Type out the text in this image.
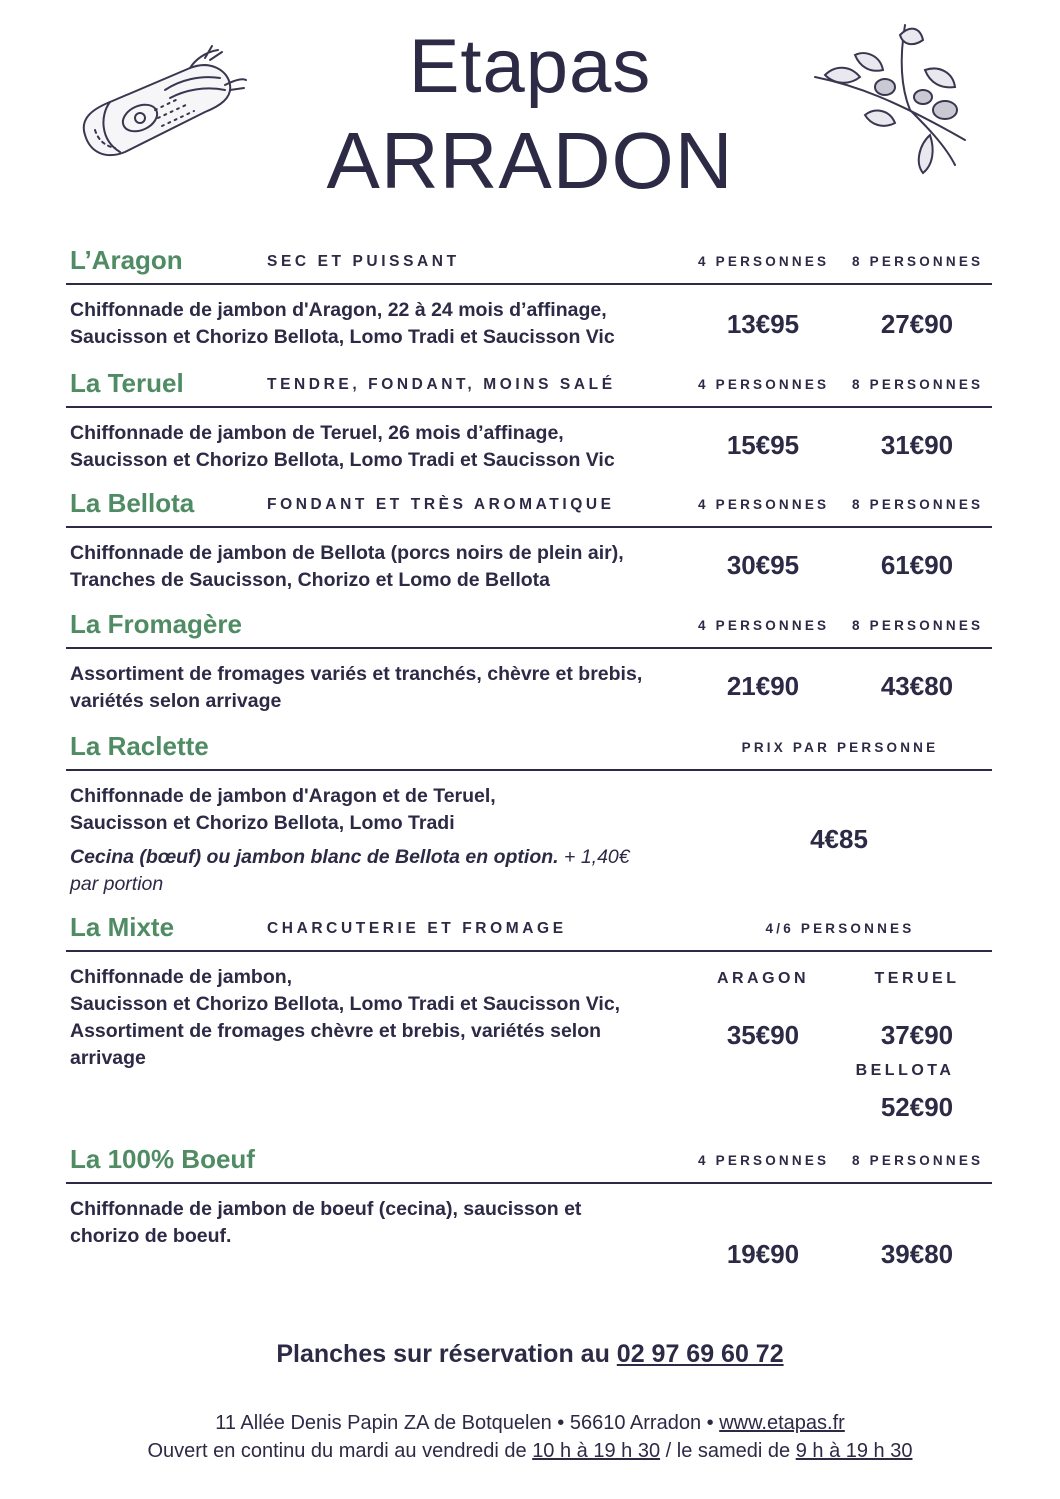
Etapas
ARRADON
L’Aragon	SEC ET PUISSANT	4 PERSONNES 8 PERSONNES
Chiffonnade de jambon d'Aragon, 22 à 24 mois d’affinage,
Saucisson et Chorizo Bellota, Lomo Tradi et Saucisson Vic	13€95	27€90
La Teruel	TENDRE, FONDANT, MOINS SALÉ	4 PERSONNES 8 PERSONNES
Chiffonnade de jambon de Teruel, 26 mois d’affinage,
Saucisson et Chorizo Bellota, Lomo Tradi et Saucisson Vic	15€95	31€90
La Bellota	FONDANT ET TRÈS AROMATIQUE	4 PERSONNES 8 PERSONNES
Chiffonnade de jambon de Bellota (porcs noirs de plein air),
Tranches de Saucisson, Chorizo et Lomo de Bellota	30€95	61€90
La Fromagère	4 PERSONNES 8 PERSONNES
Assortiment de fromages variés et tranchés, chèvre et brebis,
variétés selon arrivage	21€90	43€80
La Raclette	PRIX PAR PERSONNE
Chiffonnade de jambon d'Aragon et de Teruel,
Saucisson et Chorizo Bellota, Lomo Tradi
Cecina (bœuf) ou jambon blanc de Bellota en option. + 1,40€
par portion
4€85
La Mixte	CHARCUTERIE ET FROMAGE	4/6 PERSONNES
Chiffonnade de jambon,
Saucisson et Chorizo Bellota, Lomo Tradi et Saucisson Vic,
Assortiment de fromages chèvre et brebis, variétés selon
arrivage
ARAGON	TERUEL
35€90	37€90
BELLOTA
52€90
La 100% Boeuf	4 PERSONNES 8 PERSONNES
Chiffonnade de jambon de boeuf (cecina), saucisson et
chorizo de boeuf.
19€90	39€80
Planches sur réservation au 02 97 69 60 72
11 Allée Denis Papin ZA de Botquelen • 56610 Arradon • www.etapas.fr
Ouvert en continu du mardi au vendredi de 10 h à 19 h 30 / le samedi de 9 h à 19 h 30
